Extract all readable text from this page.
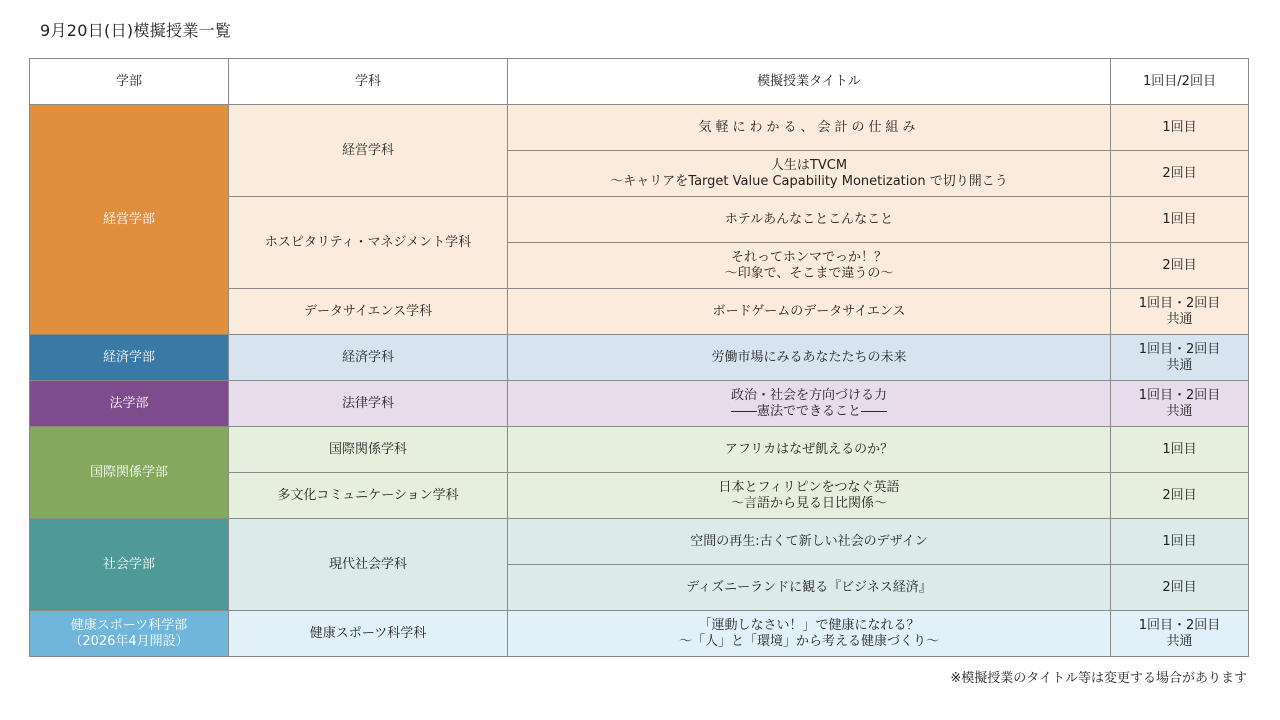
9月20日(日)模擬授業一覧
学部	学科	模擬授業タイトル	1回目/2回目
経営学部	経営学科	気軽にわかる、会計の仕組み	1回目

		人生はTVCM
～キャリアをTarget Value Capability Monetization で切り開こう	2回目
	ホスピタリティ・マネジメント学科	ホテルあんなことこんなこと	1回目

		それってホンマでっか！？
～印象で、そこまで違うの～	2回目
	データサイエンス学科	ボードゲームのデータサイエンス	1回目・2回目
共通

経済学部	経済学科	労働市場にみるあなたたちの未来	1回目・2回目
共通

法学部	法律学科	政治・社会を方向づける力
――憲法でできること――	1回目・2回目
共通

国際関係学部	国際関係学科	アフリカはなぜ飢えるのか？	1回目
	多文化コミュニケーション学科	日本とフィリピンをつなぐ英語
～言語から見る日比関係～	2回目
社会学部	現代社会学科	空間の再生:古くて新しい社会のデザイン	1回目
		ディズニーランドに観る『ビジネス経済』	2回目

健康スポーツ科学部
（2026年4月開設）	健康スポーツ科学科	「運動しなさい！」で健康になれる？
～「人」と「環境」から考える健康づくり～	1回目・2回目
共通
※模擬授業のタイトル等は変更する場合があります
